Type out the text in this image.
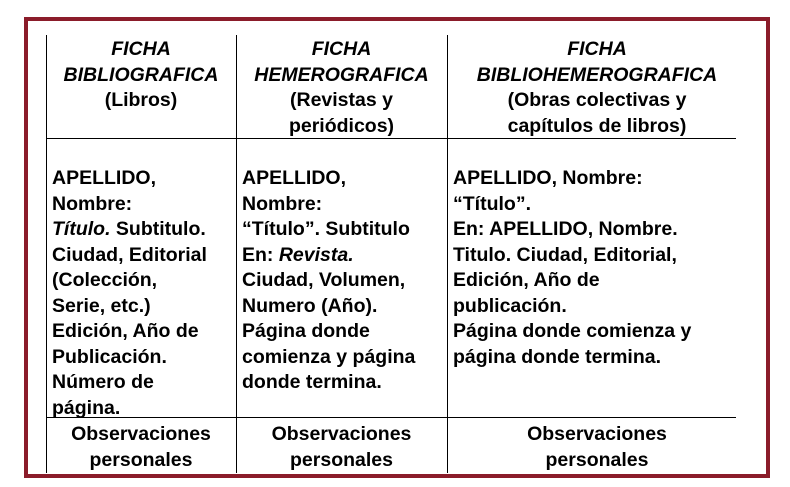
FICHA
BIBLIOGRAFICA
(Libros)
FICHA
HEMEROGRAFICA
(Revistas y
periódicos)
FICHA
BIBLIOHEMEROGRAFICA
(Obras colectivas y
capítulos de libros)
APELLIDO,
Nombre:
Título. Subtitulo.
Ciudad, Editorial
(Colección,
Serie, etc.)
Edición, Año de
Publicación.
Número de
página.
APELLIDO,
Nombre:
“Título”. Subtitulo
En: Revista.
Ciudad, Volumen,
Numero (Año).
Página donde
comienza y página
donde termina.
APELLIDO, Nombre:
“Título”.
En: APELLIDO, Nombre.
Titulo. Ciudad, Editorial,
Edición, Año de
publicación.
Página donde comienza y
página donde termina.
Observaciones
personales
Observaciones
personales
Observaciones
personales
